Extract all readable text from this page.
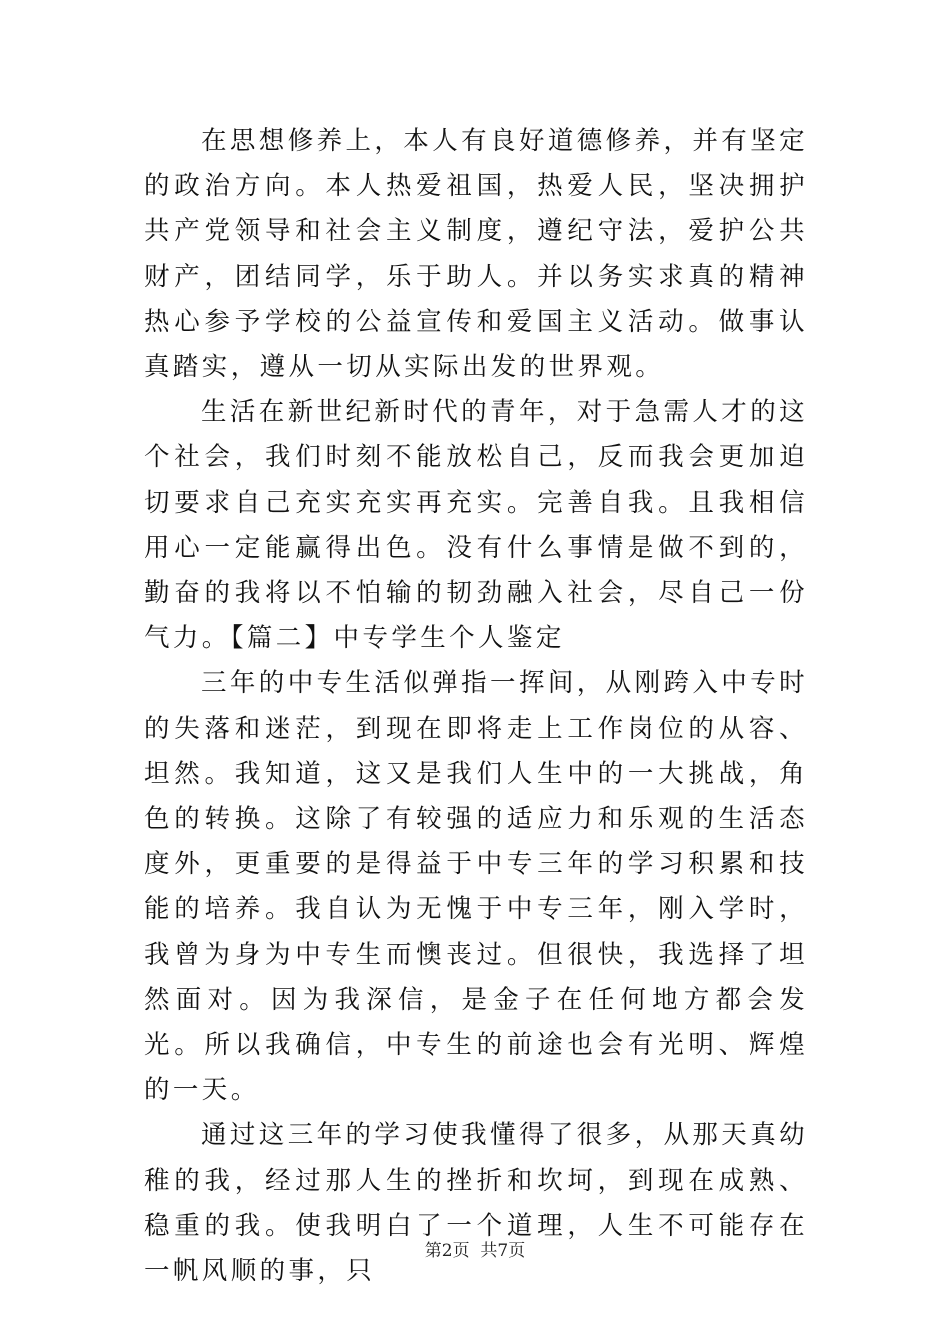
在思想修养上，本人有良好道德修养，并有坚定的政治方向。本人热爱祖国，热爱人民，坚决拥护共产党领导和社会主义制度，遵纪守法，爱护公共财产，团结同学，乐于助人。并以务实求真的精神热心参予学校的公益宣传和爱国主义活动。做事认真踏实，遵从一切从实际出发的世界观。

生活在新世纪新时代的青年，对于急需人才的这个社会，我们时刻不能放松自己，反而我会更加迫切要求自己充实充实再充实。完善自我。且我相信用心一定能赢得出色。没有什么事情是做不到的，勤奋的我将以不怕输的韧劲融入社会，尽自己一份气力。【篇二】中专学生个人鉴定

三年的中专生活似弹指一挥间，从刚跨入中专时的失落和迷茫，到现在即将走上工作岗位的从容、坦然。我知道，这又是我们人生中的一大挑战，角色的转换。这除了有较强的适应力和乐观的生活态度外，更重要的是得益于中专三年的学习积累和技能的培养。我自认为无愧于中专三年，刚入学时，我曾为身为中专生而懊丧过。但很快，我选择了坦然面对。因为我深信，是金子在任何地方都会发光。所以我确信，中专生的前途也会有光明、辉煌的一天。

通过这三年的学习使我懂得了很多，从那天真幼稚的我，经过那人生的挫折和坎坷，到现在成熟、稳重的我。使我明白了一个道理，人生不可能存在一帆风顺的事，只

第2页  共7页
